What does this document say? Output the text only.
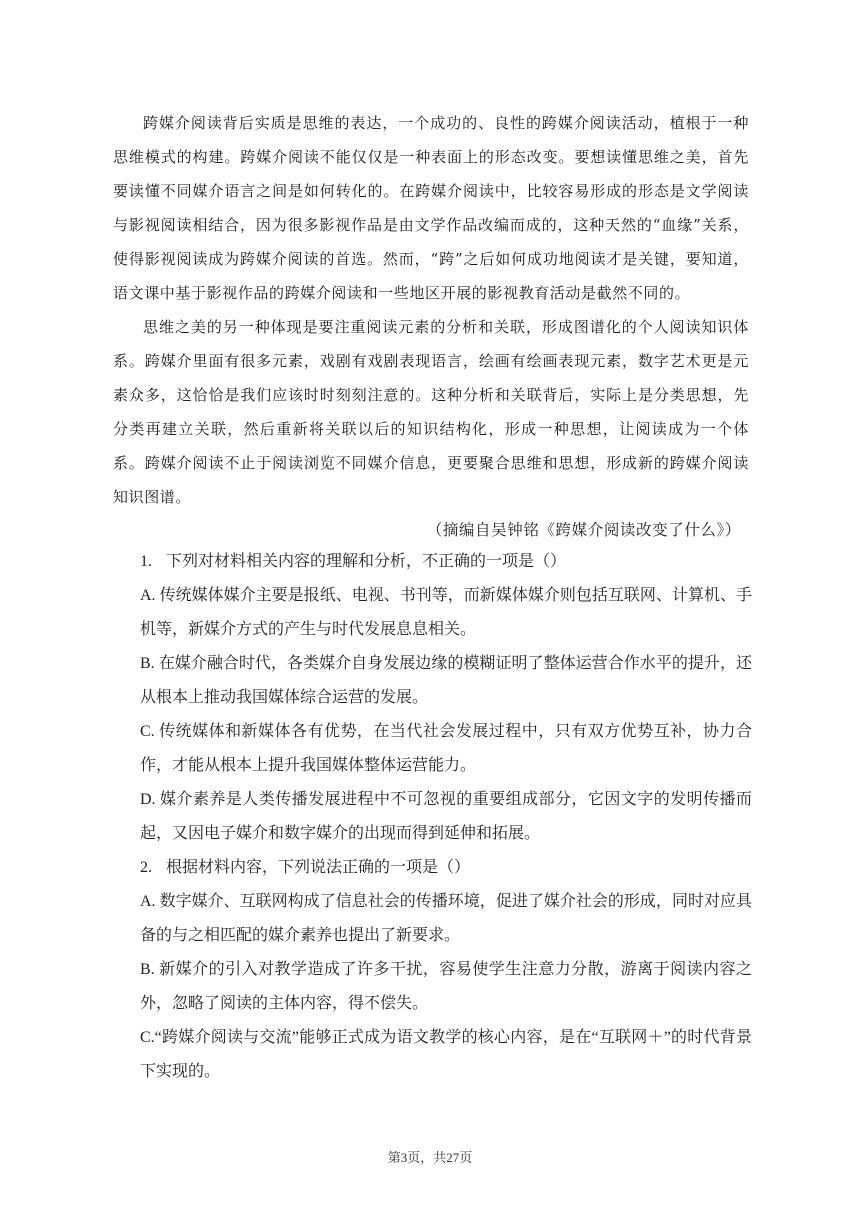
跨媒介阅读背后实质是思维的表达，一个成功的、良性的跨媒介阅读活动，植根于一种思维模式的构建。跨媒介阅读不能仅仅是一种表面上的形态改变。要想读懂思维之美，首先要读懂不同媒介语言之间是如何转化的。在跨媒介阅读中，比较容易形成的形态是文学阅读与影视阅读相结合，因为很多影视作品是由文学作品改编而成的，这种天然的“血缘”关系，使得影视阅读成为跨媒介阅读的首选。然而，“跨”之后如何成功地阅读才是关键，要知道，语文课中基于影视作品的跨媒介阅读和一些地区开展的影视教育活动是截然不同的。

思维之美的另一种体现是要注重阅读元素的分析和关联，形成图谱化的个人阅读知识体系。跨媒介里面有很多元素，戏剧有戏剧表现语言，绘画有绘画表现元素，数字艺术更是元素众多，这恰恰是我们应该时时刻刻注意的。这种分析和关联背后，实际上是分类思想，先分类再建立关联，然后重新将关联以后的知识结构化，形成一种思想，让阅读成为一个体系。跨媒介阅读不止于阅读浏览不同媒介信息，更要聚合思维和思想，形成新的跨媒介阅读知识图谱。

（摘编自吴钟铭《跨媒介阅读改变了什么》）

1. 下列对材料相关内容的理解和分析，不正确的一项是（）

A. 传统媒体媒介主要是报纸、电视、书刊等，而新媒体媒介则包括互联网、计算机、手机等，新媒介方式的产生与时代发展息息相关。

B. 在媒介融合时代，各类媒介自身发展边缘的模糊证明了整体运营合作水平的提升，还从根本上推动我国媒体综合运营的发展。

C. 传统媒体和新媒体各有优势，在当代社会发展过程中，只有双方优势互补，协力合作，才能从根本上提升我国媒体整体运营能力。

D. 媒介素养是人类传播发展进程中不可忽视的重要组成部分，它因文字的发明传播而起，又因电子媒介和数字媒介的出现而得到延伸和拓展。

2. 根据材料内容，下列说法正确的一项是（）

A. 数字媒介、互联网构成了信息社会的传播环境，促进了媒介社会的形成，同时对应具备的与之相匹配的媒介素养也提出了新要求。

B. 新媒介的引入对教学造成了许多干扰，容易使学生注意力分散，游离于阅读内容之外，忽略了阅读的主体内容，得不偿失。

C.“跨媒介阅读与交流”能够正式成为语文教学的核心内容，是在“互联网＋”的时代背景下实现的。

第3页，共27页
